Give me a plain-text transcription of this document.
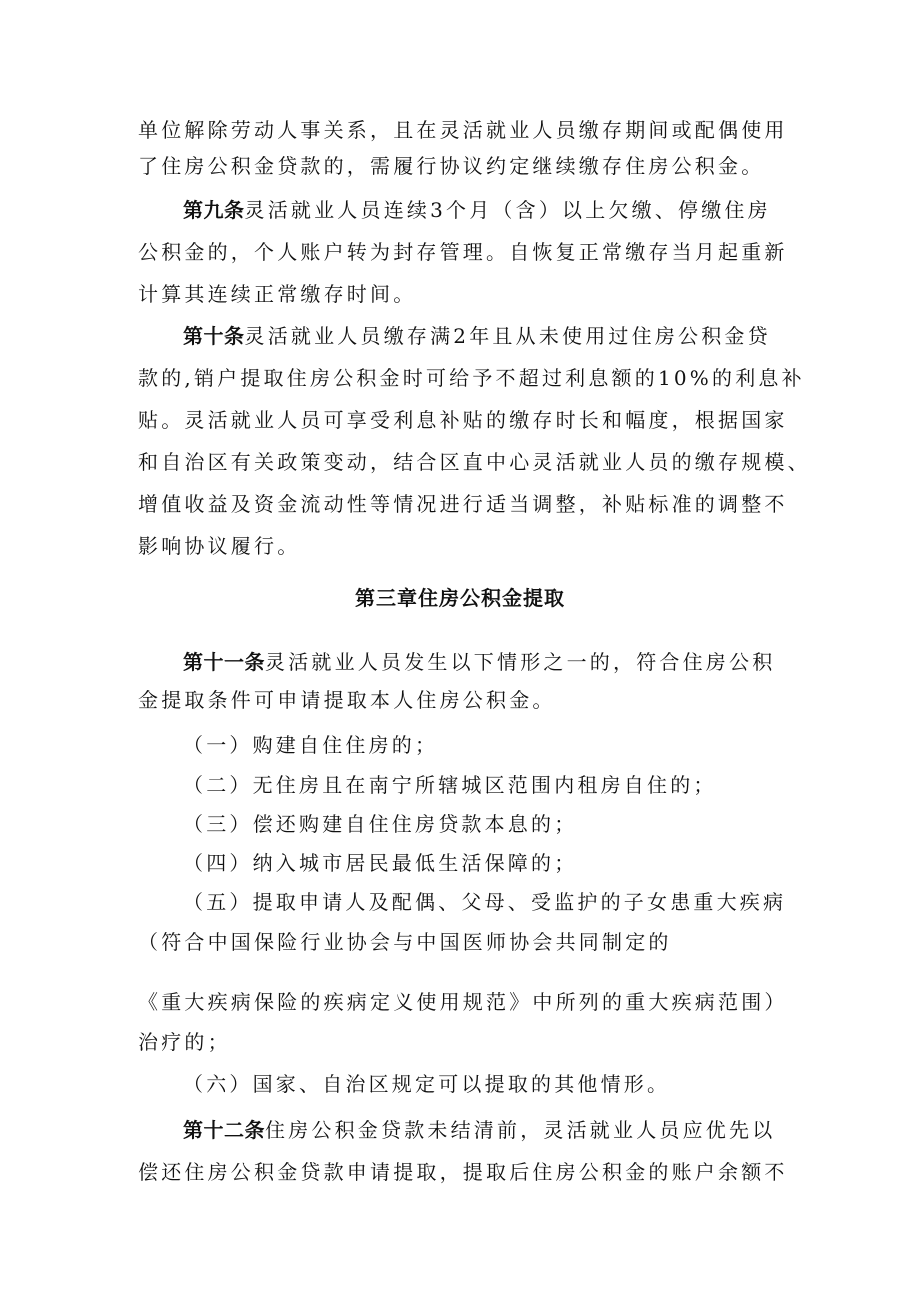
单位解除劳动人事关系，且在灵活就业人员缴存期间或配偶使用
了住房公积金贷款的，需履行协议约定继续缴存住房公积金。
第九条灵活就业人员连续3个月（含）以上欠缴、停缴住房
公积金的，个人账户转为封存管理。自恢复正常缴存当月起重新
计算其连续正常缴存时间。
第十条灵活就业人员缴存满2年且从未使用过住房公积金贷
款的,销户提取住房公积金时可给予不超过利息额的10%的利息补
贴。灵活就业人员可享受利息补贴的缴存时长和幅度，根据国家
和自治区有关政策变动，结合区直中心灵活就业人员的缴存规模、
增值收益及资金流动性等情况进行适当调整，补贴标准的调整不
影响协议履行。
第三章住房公积金提取
第十一条灵活就业人员发生以下情形之一的，符合住房公积
金提取条件可申请提取本人住房公积金。
（一）购建自住住房的；
（二）无住房且在南宁所辖城区范围内租房自住的；
（三）偿还购建自住住房贷款本息的；
（四）纳入城市居民最低生活保障的；
（五）提取申请人及配偶、父母、受监护的子女患重大疾病
（符合中国保险行业协会与中国医师协会共同制定的
《重大疾病保险的疾病定义使用规范》中所列的重大疾病范围）
治疗的；
（六）国家、自治区规定可以提取的其他情形。
第十二条住房公积金贷款未结清前，灵活就业人员应优先以
偿还住房公积金贷款申请提取，提取后住房公积金的账户余额不
